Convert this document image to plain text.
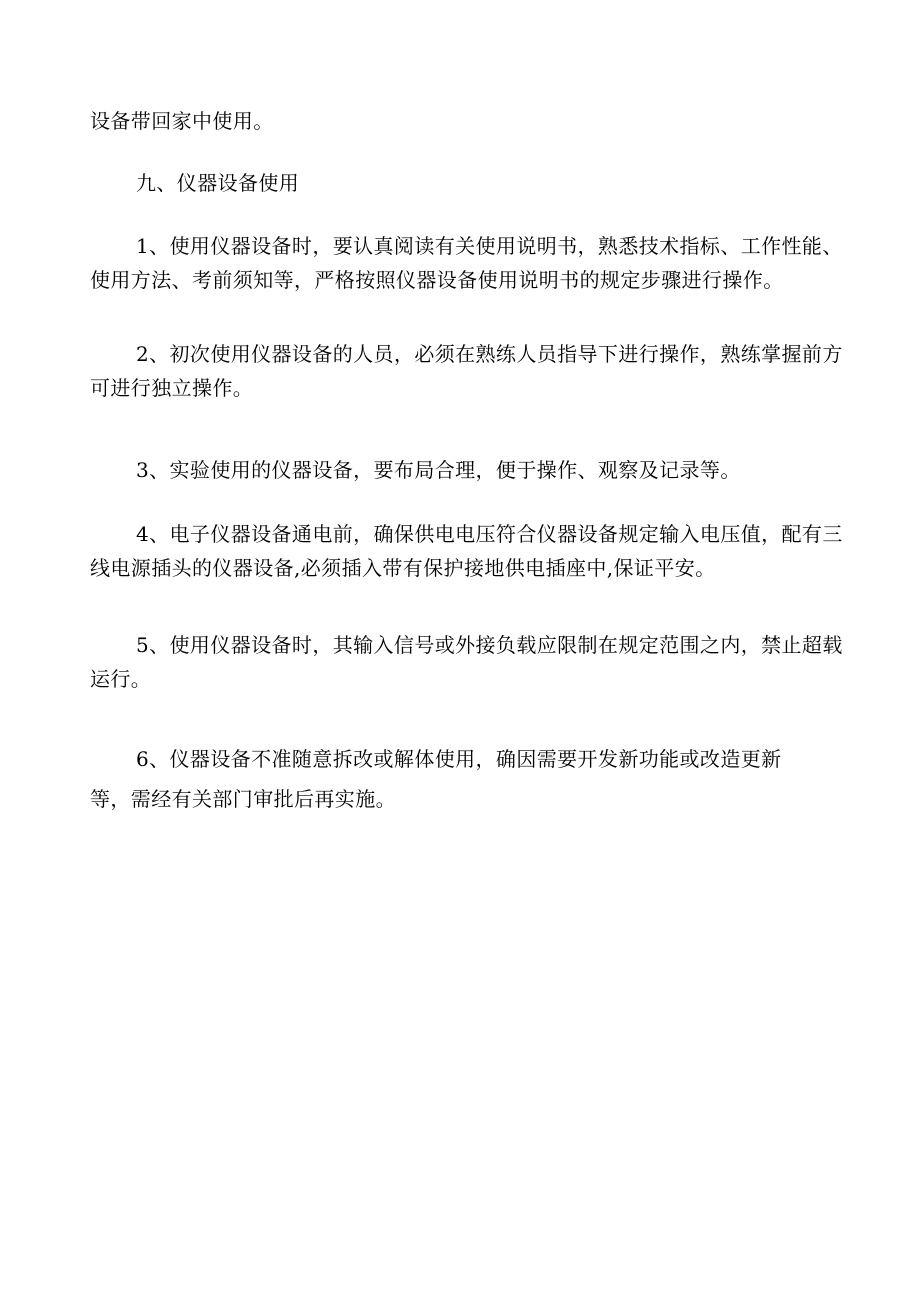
设备带回家中使用。

九、仪器设备使用

1、使用仪器设备时，要认真阅读有关使用说明书，熟悉技术指标、工作性能、
使用方法、考前须知等，严格按照仪器设备使用说明书的规定步骤进行操作。

2、初次使用仪器设备的人员，必须在熟练人员指导下进行操作，熟练掌握前方
可进行独立操作。

3、实验使用的仪器设备，要布局合理，便于操作、观察及记录等。

4、电子仪器设备通电前，确保供电电压符合仪器设备规定输入电压值，配有三
线电源插头的仪器设备,必须插入带有保护接地供电插座中,保证平安。

5、使用仪器设备时，其输入信号或外接负载应限制在规定范围之内，禁止超载
运行。

6、仪器设备不准随意拆改或解体使用，确因需要开发新功能或改造更新
等，需经有关部门审批后再实施。
